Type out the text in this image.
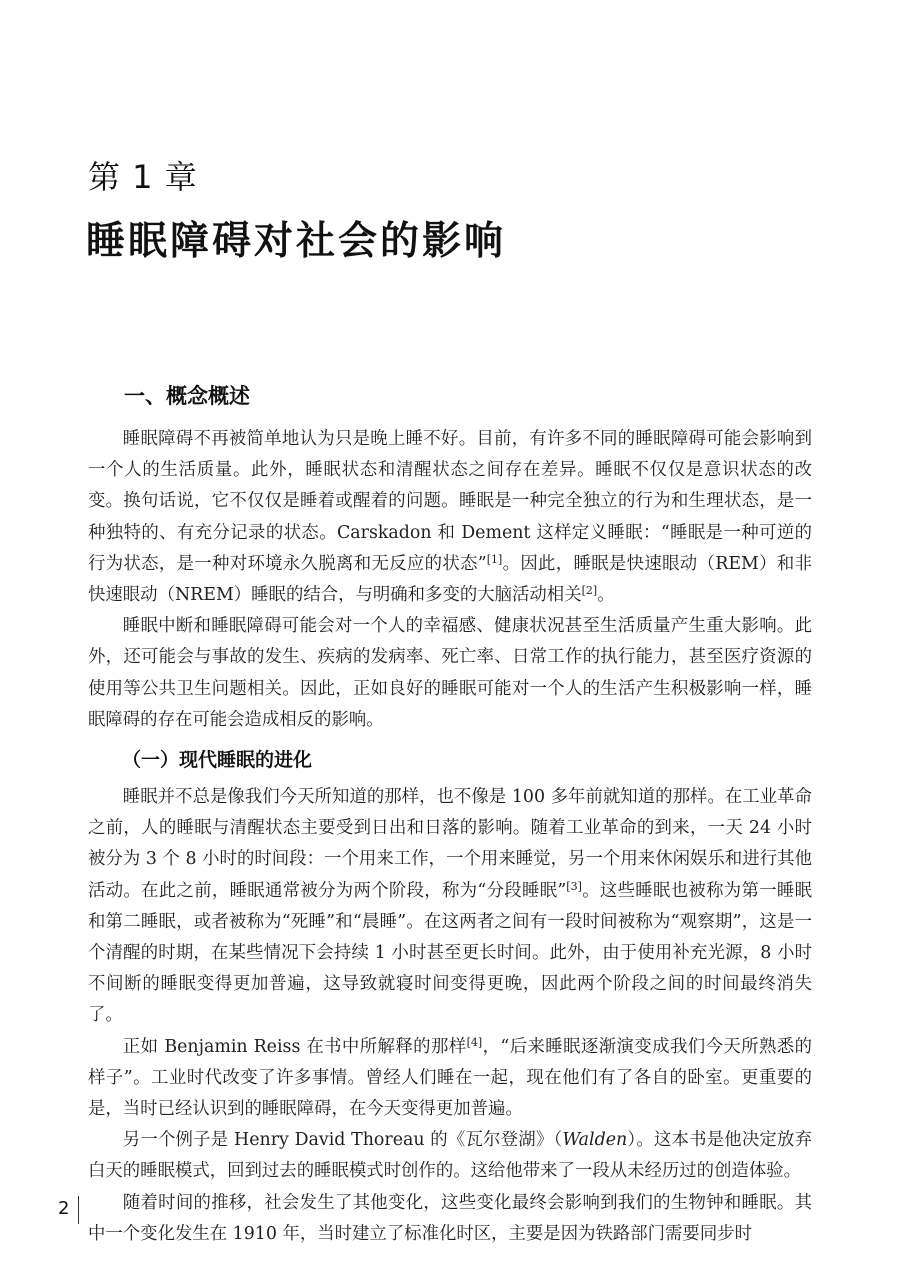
第 1 章
睡眠障碍对社会的影响
一、概念概述

睡眠障碍不再被简单地认为只是晚上睡不好。目前，有许多不同的睡眠障碍可能会影响到一个人的生活质量。此外，睡眠状态和清醒状态之间存在差异。睡眠不仅仅是意识状态的改变。换句话说，它不仅仅是睡着或醒着的问题。睡眠是一种完全独立的行为和生理状态，是一种独特的、有充分记录的状态。Carskadon 和 Dement 这样定义睡眠：“睡眠是一种可逆的行为状态，是一种对环境永久脱离和无反应的状态”[1]。因此，睡眠是快速眼动（REM）和非快速眼动（NREM）睡眠的结合，与明确和多变的大脑活动相关[2]。

睡眠中断和睡眠障碍可能会对一个人的幸福感、健康状况甚至生活质量产生重大影响。此外，还可能会与事故的发生、疾病的发病率、死亡率、日常工作的执行能力，甚至医疗资源的使用等公共卫生问题相关。因此，正如良好的睡眠可能对一个人的生活产生积极影响一样，睡眠障碍的存在可能会造成相反的影响。

（一）现代睡眠的进化

睡眠并不总是像我们今天所知道的那样，也不像是 100 多年前就知道的那样。在工业革命之前，人的睡眠与清醒状态主要受到日出和日落的影响。随着工业革命的到来，一天 24 小时被分为 3 个 8 小时的时间段：一个用来工作，一个用来睡觉，另一个用来休闲娱乐和进行其他活动。在此之前，睡眠通常被分为两个阶段，称为“分段睡眠”[3]。这些睡眠也被称为第一睡眠和第二睡眠，或者被称为“死睡”和“晨睡”。在这两者之间有一段时间被称为“观察期”，这是一个清醒的时期，在某些情况下会持续 1 小时甚至更长时间。此外，由于使用补充光源，8 小时不间断的睡眠变得更加普遍，这导致就寝时间变得更晚，因此两个阶段之间的时间最终消失了。

正如 Benjamin Reiss 在书中所解释的那样[4]，“后来睡眠逐渐演变成我们今天所熟悉的样子”。工业时代改变了许多事情。曾经人们睡在一起，现在他们有了各自的卧室。更重要的是，当时已经认识到的睡眠障碍，在今天变得更加普遍。

另一个例子是 Henry David Thoreau 的《瓦尔登湖》（Walden）。这本书是他决定放弃白天的睡眠模式，回到过去的睡眠模式时创作的。这给他带来了一段从未经历过的创造体验。

随着时间的推移，社会发生了其他变化，这些变化最终会影响到我们的生物钟和睡眠。其中一个变化发生在 1910 年，当时建立了标准化时区，主要是因为铁路部门需要同步时

2
